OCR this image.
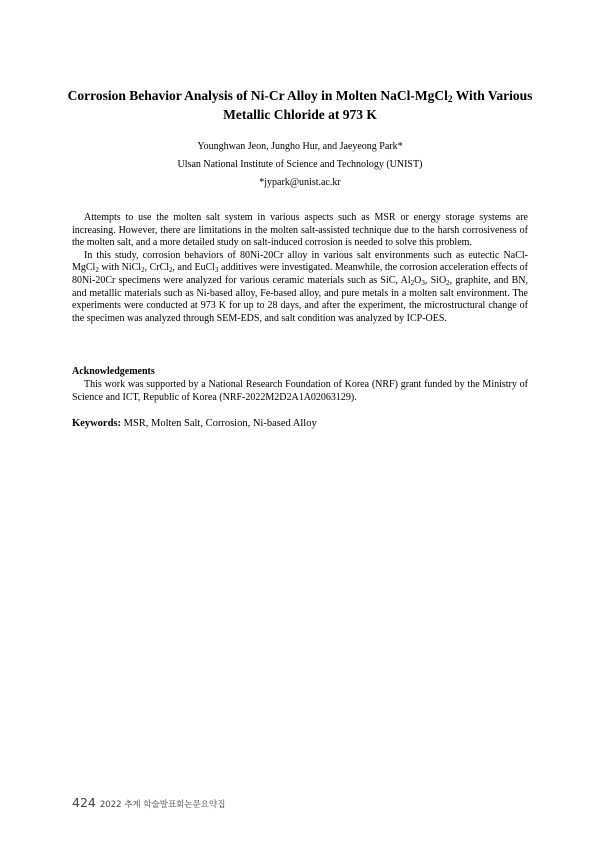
Corrosion Behavior Analysis of Ni-Cr Alloy in Molten NaCl-MgCl$_2$ With Various Metallic Chloride at 973 K
Younghwan Jeon, Jungho Hur, and Jaeyeong Park*
Ulsan National Institute of Science and Technology (UNIST)
*jypark@unist.ac.kr

Attempts to use the molten salt system in various aspects such as MSR or energy storage systems are increasing. However, there are limitations in the molten salt-assisted technique due to the harsh corrosiveness of the molten salt, and a more detailed study on salt-induced corrosion is needed to solve this problem.

In this study, corrosion behaviors of 80Ni-20Cr alloy in various salt environments such as eutectic NaCl-MgCl$_2$ with NiCl$_2$, CrCl$_2$, and EuCl$_3$ additives were investigated. Meanwhile, the corrosion acceleration effects of 80Ni-20Cr specimens were analyzed for various ceramic materials such as SiC, $Al_2O_3$, SiO$_2$, graphite, and BN, and metallic materials such as Ni-based alloy, Fe-based alloy, and pure metals in a molten salt environment. The experiments were conducted at 973 K for up to 28 days, and after the experiment, the microstructural change of the specimen was analyzed through SEM-EDS, and salt condition was analyzed by ICP-OES.

Acknowledgements

This work was supported by a National Research Foundation of Korea (NRF) grant funded by the Ministry of Science and ICT, Republic of Korea (NRF-2022M2D2A1A02063129).

Keywords: MSR, Molten Salt, Corrosion, Ni-based Alloy
424 2022 추계 학술발표회논문요약집
